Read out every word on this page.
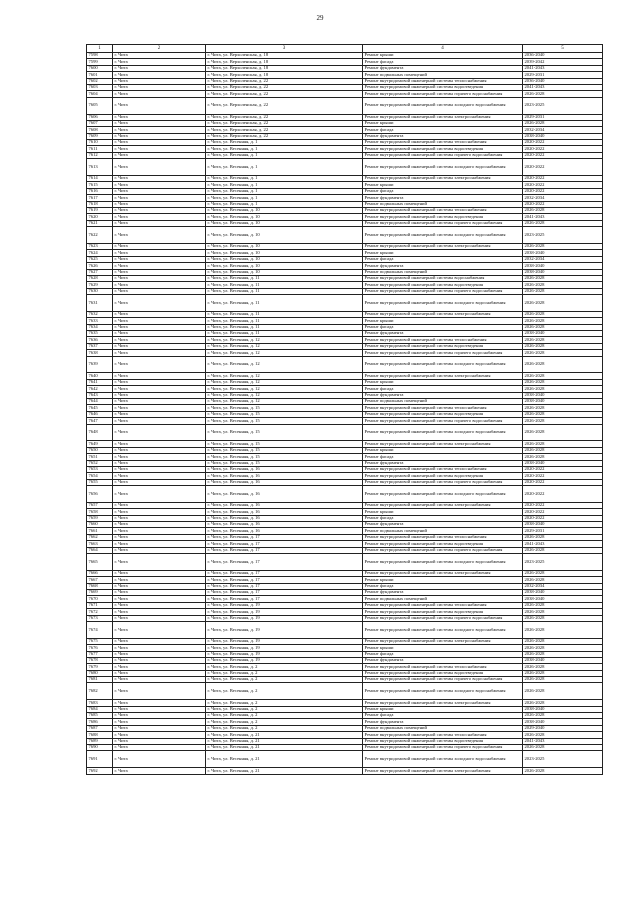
29
1	2	3	4	5
7598	г. Чита	г. Чита, ул. Верхоленская, д. 18	Ремонт крыши	2036-2040
7599	г. Чита	г. Чита, ул. Верхоленская, д. 18	Ремонт фасада	2039-2042
7600	г. Чита	г. Чита, ул. Верхоленская, д. 18	Ремонт фундамента	2041-2043
7601	г. Чита	г. Чита, ул. Верхоленская, д. 18	Ремонт подвальных помещений	2029-2031
7602	г. Чита	г. Чита, ул. Верхоленская, д. 22	Ремонт внутридомовой инженерной системы теплоснабжения	2036-2040
7603	г. Чита	г. Чита, ул. Верхоленская, д. 22	Ремонт внутридомовой инженерной системы водоотведения	2041-2043
7604	г. Чита	г. Чита, ул. Верхоленская, д. 22	Ремонт внутридомовой инженерной системы горячего водоснабжения	2026-2028
7605	г. Чита	г. Чита, ул. Верхоленская, д. 22	Ремонт внутридомовой инженерной системы холодного водоснабжения	2023-2025
7606	г. Чита	г. Чита, ул. Верхоленская, д. 22	Ремонт внутридомовой инженерной системы электроснабжения	2029-2031
7607	г. Чита	г. Чита, ул. Верхоленская, д. 22	Ремонт крыши	2026-2028
7608	г. Чита	г. Чита, ул. Верхоленская, д. 22	Ремонт фасада	2032-2034
7609	г. Чита	г. Чита, ул. Верхоленская, д. 22	Ремонт фундамента	2038-2040
7610	г. Чита	г. Чита, ул. Весенняя, д. 1	Ремонт внутридомовой инженерной системы теплоснабжения	2020-2022
7611	г. Чита	г. Чита, ул. Весенняя, д. 1	Ремонт внутридомовой инженерной системы водоотведения	2020-2022
7612	г. Чита	г. Чита, ул. Весенняя, д. 1	Ремонт внутридомовой инженерной системы горячего водоснабжения	2020-2022
7613	г. Чита	г. Чита, ул. Весенняя, д. 1	Ремонт внутридомовой инженерной системы холодного водоснабжения	2020-2022
7614	г. Чита	г. Чита, ул. Весенняя, д. 1	Ремонт внутридомовой инженерной системы электроснабжения	2020-2022
7615	г. Чита	г. Чита, ул. Весенняя, д. 1	Ремонт крыши	2020-2022
7616	г. Чита	г. Чита, ул. Весенняя, д. 1	Ремонт фасада	2020-2022
7617	г. Чита	г. Чита, ул. Весенняя, д. 1	Ремонт фундамента	2032-2034
7618	г. Чита	г. Чита, ул. Весенняя, д. 1	Ремонт подвальных помещений	2020-2022
7619	г. Чита	г. Чита, ул. Весенняя, д. 10	Ремонт внутридомовой инженерной системы теплоснабжения	2026-2028
7620	г. Чита	г. Чита, ул. Весенняя, д. 10	Ремонт внутридомовой инженерной системы водоотведения	2041-2043
7621	г. Чита	г. Чита, ул. Весенняя, д. 10	Ремонт внутридомовой инженерной системы горячего водоснабжения	2026-2028
7622	г. Чита	г. Чита, ул. Весенняя, д. 10	Ремонт внутридомовой инженерной системы холодного водоснабжения	2023-2025
7623	г. Чита	г. Чита, ул. Весенняя, д. 10	Ремонт внутридомовой инженерной системы электроснабжения	2026-2028
7624	г. Чита	г. Чита, ул. Весенняя, д. 10	Ремонт крыши	2038-2040
7625	г. Чита	г. Чита, ул. Весенняя, д. 10	Ремонт фасада	2032-2034
7626	г. Чита	г. Чита, ул. Весенняя, д. 10	Ремонт фундамента	2038-2040
7627	г. Чита	г. Чита, ул. Весенняя, д. 10	Ремонт подвальных помещений	2038-2040
7628	г. Чита	г. Чита, ул. Весенняя, д. 11	Ремонт внутридомовой инженерной системы водоснабжения	2026-2028
7629	г. Чита	г. Чита, ул. Весенняя, д. 11	Ремонт внутридомовой инженерной системы водоотведения	2026-2028
7630	г. Чита	г. Чита, ул. Весенняя, д. 11	Ремонт внутридомовой инженерной системы горячего водоснабжения	2026-2028
7631	г. Чита	г. Чита, ул. Весенняя, д. 11	Ремонт внутридомовой инженерной системы холодного водоснабжения	2026-2028
7632	г. Чита	г. Чита, ул. Весенняя, д. 11	Ремонт внутридомовой инженерной системы электроснабжения	2026-2028
7633	г. Чита	г. Чита, ул. Весенняя, д. 11	Ремонт крыши	2026-2028
7634	г. Чита	г. Чита, ул. Весенняя, д. 11	Ремонт фасада	2026-2028
7635	г. Чита	г. Чита, ул. Весенняя, д. 11	Ремонт фундамента	2038-2040
7636	г. Чита	г. Чита, ул. Весенняя, д. 12	Ремонт внутридомовой инженерной системы теплоснабжения	2026-2028
7637	г. Чита	г. Чита, ул. Весенняя, д. 12	Ремонт внутридомовой инженерной системы водоотведения	2026-2028
7638	г. Чита	г. Чита, ул. Весенняя, д. 12	Ремонт внутридомовой инженерной системы горячего водоснабжения	2026-2028
7639	г. Чита	г. Чита, ул. Весенняя, д. 12	Ремонт внутридомовой инженерной системы холодного водоснабжения	2026-2028
7640	г. Чита	г. Чита, ул. Весенняя, д. 12	Ремонт внутридомовой инженерной системы электроснабжения	2026-2028
7641	г. Чита	г. Чита, ул. Весенняя, д. 12	Ремонт крыши	2026-2028
7642	г. Чита	г. Чита, ул. Весенняя, д. 12	Ремонт фасада	2026-2028
7643	г. Чита	г. Чита, ул. Весенняя, д. 12	Ремонт фундамента	2038-2040
7644	г. Чита	г. Чита, ул. Весенняя, д. 12	Ремонт подвальных помещений	2038-2040
7645	г. Чита	г. Чита, ул. Весенняя, д. 15	Ремонт внутридомовой инженерной системы теплоснабжения	2026-2028
7646	г. Чита	г. Чита, ул. Весенняя, д. 15	Ремонт внутридомовой инженерной системы водоотведения	2026-2028
7647	г. Чита	г. Чита, ул. Весенняя, д. 15	Ремонт внутридомовой инженерной системы горячего водоснабжения	2026-2028
7648	г. Чита	г. Чита, ул. Весенняя, д. 15	Ремонт внутридомовой инженерной системы холодного водоснабжения	2026-2028
7649	г. Чита	г. Чита, ул. Весенняя, д. 15	Ремонт внутридомовой инженерной системы электроснабжения	2026-2028
7650	г. Чита	г. Чита, ул. Весенняя, д. 15	Ремонт крыши	2026-2028
7651	г. Чита	г. Чита, ул. Весенняя, д. 15	Ремонт фасада	2026-2028
7652	г. Чита	г. Чита, ул. Весенняя, д. 15	Ремонт фундамента	2038-2040
7653	г. Чита	г. Чита, ул. Весенняя, д. 16	Ремонт внутридомовой инженерной системы теплоснабжения	2020-2022
7654	г. Чита	г. Чита, ул. Весенняя, д. 16	Ремонт внутридомовой инженерной системы водоотведения	2020-2022
7655	г. Чита	г. Чита, ул. Весенняя, д. 16	Ремонт внутридомовой инженерной системы горячего водоснабжения	2020-2022
7656	г. Чита	г. Чита, ул. Весенняя, д. 16	Ремонт внутридомовой инженерной системы холодного водоснабжения	2020-2022
7657	г. Чита	г. Чита, ул. Весенняя, д. 16	Ремонт внутридомовой инженерной системы электроснабжения	2020-2022
7658	г. Чита	г. Чита, ул. Весенняя, д. 16	Ремонт крыши	2020-2022
7659	г. Чита	г. Чита, ул. Весенняя, д. 16	Ремонт фасада	2020-2022
7660	г. Чита	г. Чита, ул. Весенняя, д. 16	Ремонт фундамента	2038-2040
7661	г. Чита	г. Чита, ул. Весенняя, д. 16	Ремонт подвальных помещений	2029-2031
7662	г. Чита	г. Чита, ул. Весенняя, д. 17	Ремонт внутридомовой инженерной системы теплоснабжения	2026-2028
7663	г. Чита	г. Чита, ул. Весенняя, д. 17	Ремонт внутридомовой инженерной системы водоотведения	2041-2043
7664	г. Чита	г. Чита, ул. Весенняя, д. 17	Ремонт внутридомовой инженерной системы горячего водоснабжения	2026-2028
7665	г. Чита	г. Чита, ул. Весенняя, д. 17	Ремонт внутридомовой инженерной системы холодного водоснабжения	2023-2025
7666	г. Чита	г. Чита, ул. Весенняя, д. 17	Ремонт внутридомовой инженерной системы электроснабжения	2026-2028
7667	г. Чита	г. Чита, ул. Весенняя, д. 17	Ремонт крыши	2026-2028
7668	г. Чита	г. Чита, ул. Весенняя, д. 17	Ремонт фасада	2032-2034
7669	г. Чита	г. Чита, ул. Весенняя, д. 17	Ремонт фундамента	2038-2040
7670	г. Чита	г. Чита, ул. Весенняя, д. 17	Ремонт подвальных помещений	2038-2040
7671	г. Чита	г. Чита, ул. Весенняя, д. 19	Ремонт внутридомовой инженерной системы теплоснабжения	2026-2028
7672	г. Чита	г. Чита, ул. Весенняя, д. 19	Ремонт внутридомовой инженерной системы водоотведения	2026-2028
7673	г. Чита	г. Чита, ул. Весенняя, д. 19	Ремонт внутридомовой инженерной системы горячего водоснабжения	2026-2028
7674	г. Чита	г. Чита, ул. Весенняя, д. 19	Ремонт внутридомовой инженерной системы холодного водоснабжения	2026-2028
7675	г. Чита	г. Чита, ул. Весенняя, д. 19	Ремонт внутридомовой инженерной системы электроснабжения	2026-2028
7676	г. Чита	г. Чита, ул. Весенняя, д. 19	Ремонт крыши	2026-2028
7677	г. Чита	г. Чита, ул. Весенняя, д. 19	Ремонт фасада	2026-2028
7678	г. Чита	г. Чита, ул. Весенняя, д. 19	Ремонт фундамента	2038-2040
7679	г. Чита	г. Чита, ул. Весенняя, д. 2	Ремонт внутридомовой инженерной системы теплоснабжения	2026-2028
7680	г. Чита	г. Чита, ул. Весенняя, д. 2	Ремонт внутридомовой инженерной системы водоотведения	2026-2028
7681	г. Чита	г. Чита, ул. Весенняя, д. 2	Ремонт внутридомовой инженерной системы горячего водоснабжения	2026-2028
7682	г. Чита	г. Чита, ул. Весенняя, д. 2	Ремонт внутридомовой инженерной системы холодного водоснабжения	2026-2028
7683	г. Чита	г. Чита, ул. Весенняя, д. 2	Ремонт внутридомовой инженерной системы электроснабжения	2026-2028
7684	г. Чита	г. Чита, ул. Весенняя, д. 2	Ремонт крыши	2038-2040
7685	г. Чита	г. Чита, ул. Весенняя, д. 2	Ремонт фасада	2026-2028
7686	г. Чита	г. Чита, ул. Весенняя, д. 2	Ремонт фундамента	2038-2040
7687	г. Чита	г. Чита, ул. Весенняя, д. 2	Ремонт подвальных помещений	2029-2040
7688	г. Чита	г. Чита, ул. Весенняя, д. 21	Ремонт внутридомовой инженерной системы теплоснабжения	2026-2028
7689	г. Чита	г. Чита, ул. Весенняя, д. 21	Ремонт внутридомовой инженерной системы водоотведения	2041-2043
7690	г. Чита	г. Чита, ул. Весенняя, д. 21	Ремонт внутридомовой инженерной системы горячего водоснабжения	2026-2028
7691	г. Чита	г. Чита, ул. Весенняя, д. 21	Ремонт внутридомовой инженерной системы холодного водоснабжения	2023-2025
7692	г. Чита	г. Чита, ул. Весенняя, д. 21	Ремонт внутридомовой инженерной системы электроснабжения	2026-2028
